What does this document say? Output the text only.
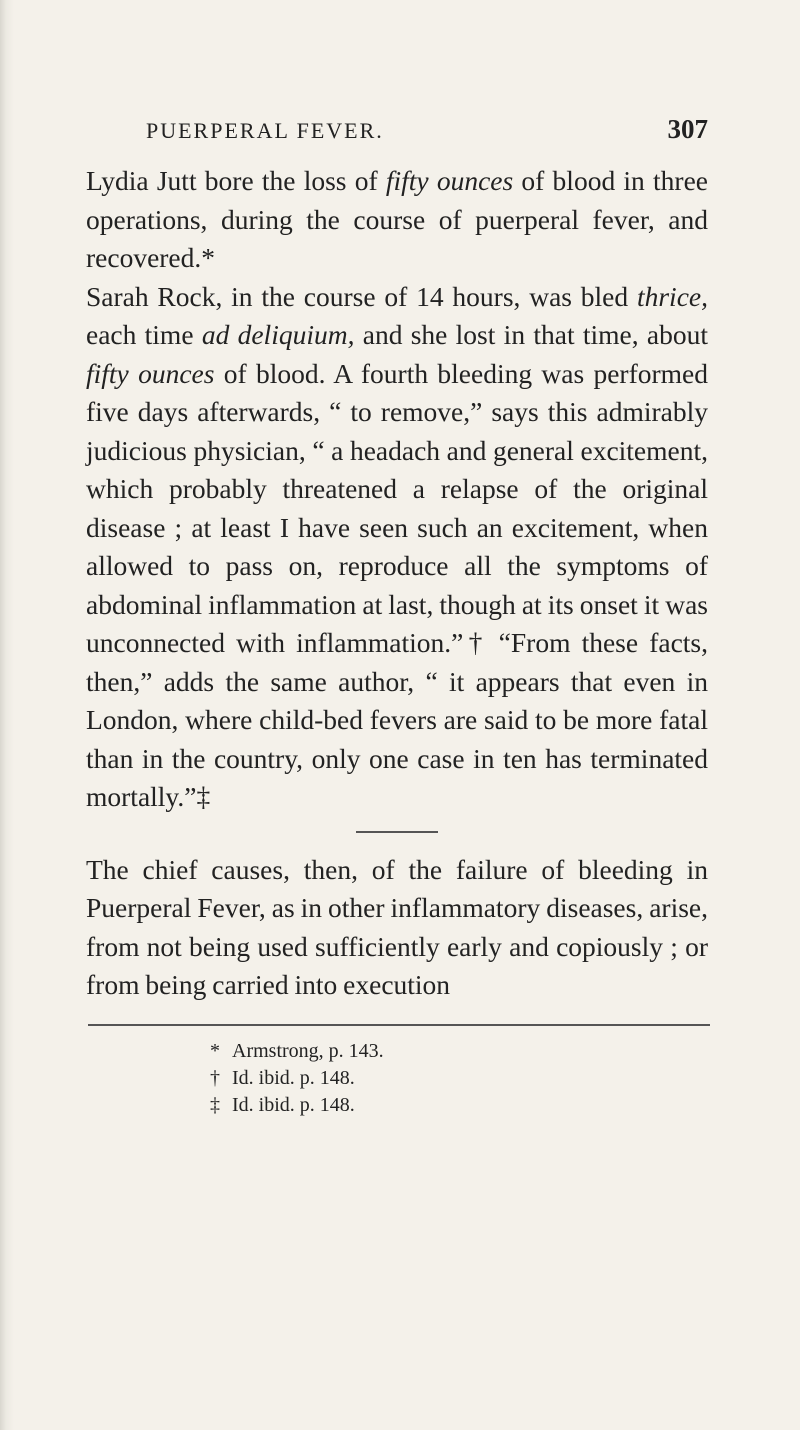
PUERPERAL FEVER.	307

Lydia Jutt bore the loss of fifty ounces of blood in three operations, during the course of puerperal fever, and recovered.*

Sarah Rock, in the course of 14 hours, was bled thrice, each time ad deliquium, and she lost in that time, about fifty ounces of blood. A fourth bleeding was performed five days afterwards, “ to remove,” says this admirably judicious physician, “ a headach and general excitement, which probably threatened a relapse of the original disease ; at least I have seen such an excitement, when allowed to pass on, reproduce all the symptoms of abdominal inflammation at last, though at its onset it was unconnected with inflammation.”† “From these facts, then,” adds the same author, “ it appears that even in London, where child-bed fevers are said to be more fatal than in the country, only one case in ten has terminated mortally.”‡

The chief causes, then, of the failure of bleeding in Puerperal Fever, as in other inflammatory diseases, arise, from not being used sufficiently early and copiously ; or from being carried into execution

* Armstrong, p. 143.
† Id. ibid. p. 148.
‡ Id. ibid. p. 148.
